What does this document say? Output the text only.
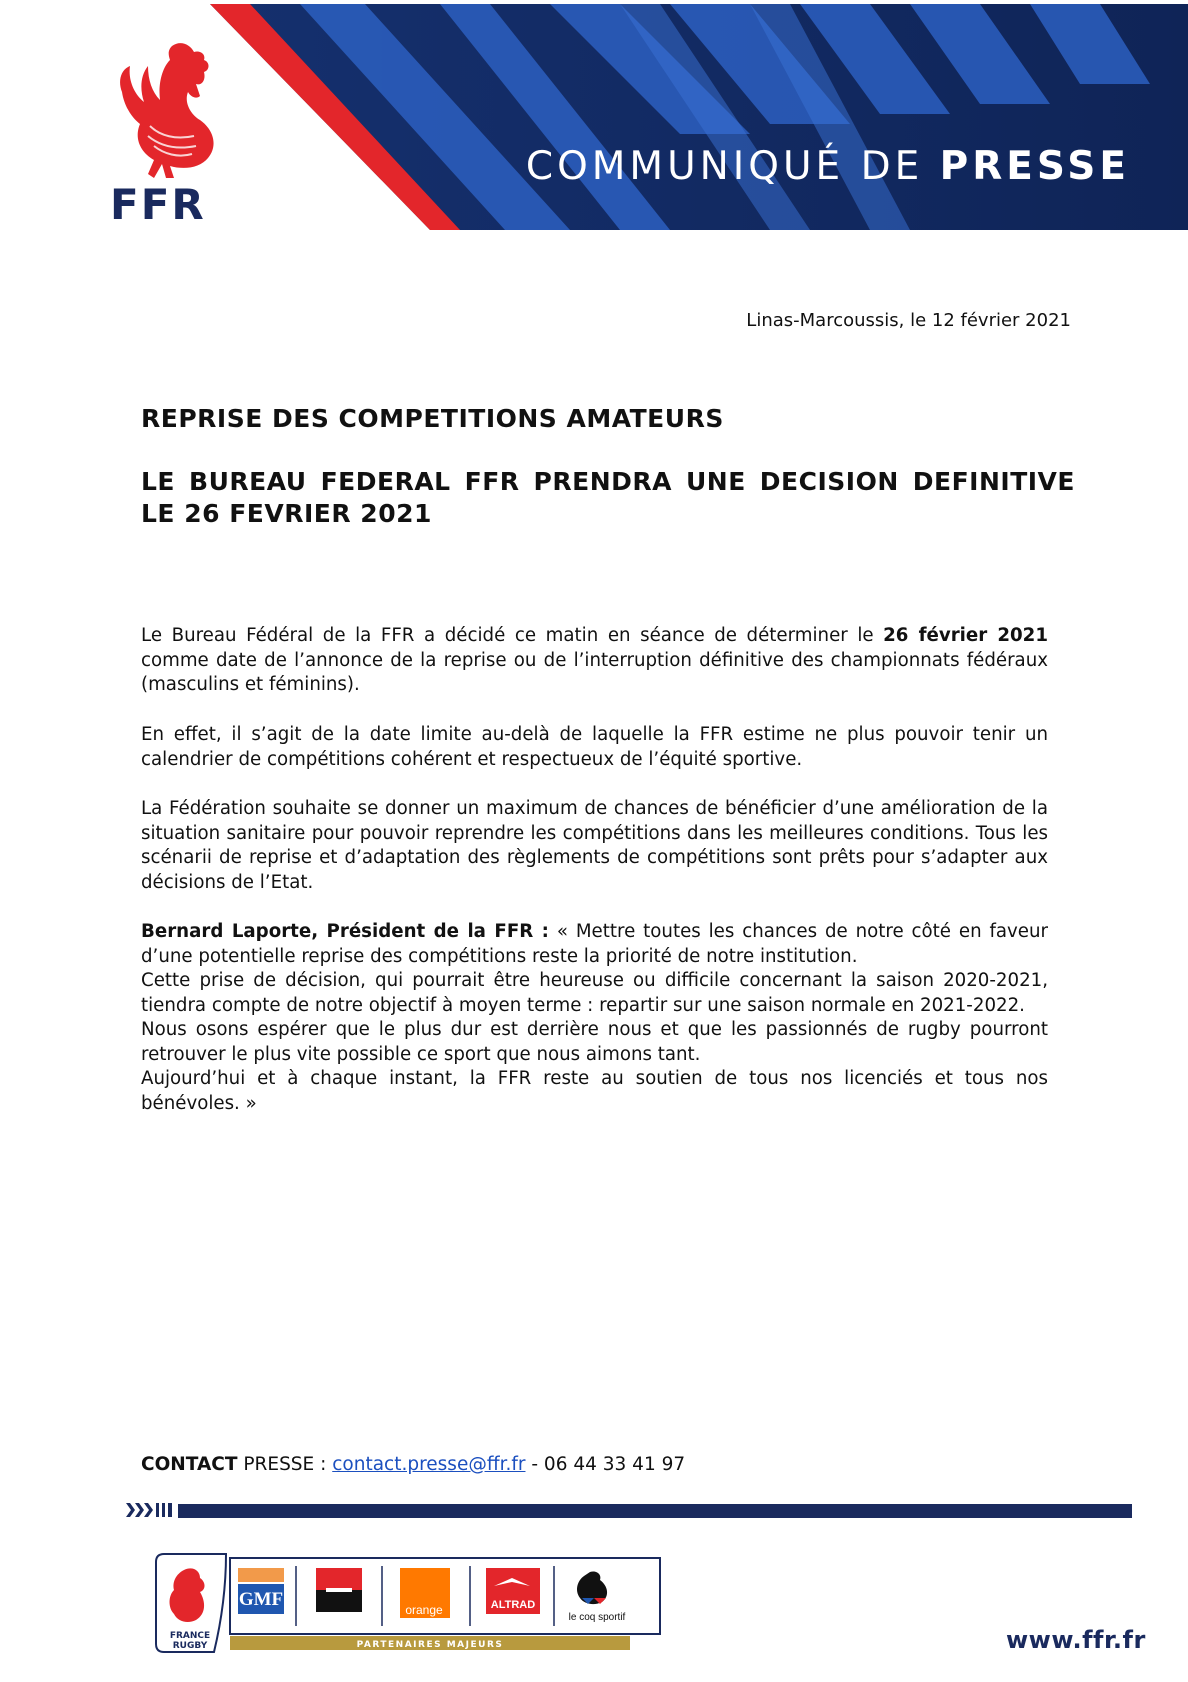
FFR
COMMUNIQUÉ DE PRESSE
Linas-Marcoussis, le 12 février 2021
REPRISE DES COMPETITIONS AMATEURS
LE BUREAU FEDERAL FFR PRENDRA UNE DECISION DEFINITIVE LE 26 FEVRIER 2021

Le Bureau Fédéral de la FFR a décidé ce matin en séance de déterminer le 26 février 2021 comme date de l’annonce de la reprise ou de l’interruption définitive des championnats fédéraux (masculins et féminins).

En effet, il s’agit de la date limite au-delà de laquelle la FFR estime ne plus pouvoir tenir un calendrier de compétitions cohérent et respectueux de l’équité sportive.

La Fédération souhaite se donner un maximum de chances de bénéficier d’une amélioration de la situation sanitaire pour pouvoir reprendre les compétitions dans les meilleures conditions. Tous les scénarii de reprise et d’adaptation des règlements de compétitions sont prêts pour s’adapter aux décisions de l’Etat.

Bernard Laporte, Président de la FFR : « Mettre toutes les chances de notre côté en faveur d’une potentielle reprise des compétitions reste la priorité de notre institution.
Cette prise de décision, qui pourrait être heureuse ou difficile concernant la saison 2020-2021, tiendra compte de notre objectif à moyen terme : repartir sur une saison normale en 2021-2022.
Nous osons espérer que le plus dur est derrière nous et que les passionnés de rugby pourront retrouver le plus vite possible ce sport que nous aimons tant.
Aujourd’hui et à chaque instant, la FFR reste au soutien de tous nos licenciés et tous nos bénévoles. »

CONTACT PRESSE : contact.presse@ffr.fr - 06 44 33 41 97
FRANCE
RUGBY
GMF	orange	ALTRAD
le coq sportif
PARTENAIRES MAJEURS	www.ffr.fr
